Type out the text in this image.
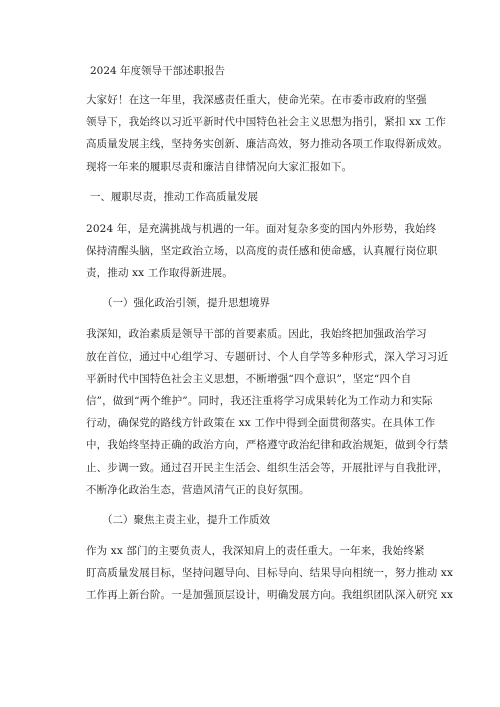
2024 年度领导干部述职报告
大家好！在这一年里，我深感责任重大，使命光荣。在市委市政府的坚强
领导下，我始终以习近平新时代中国特色社会主义思想为指引，紧扣 xx 工作
高质量发展主线，坚持务实创新、廉洁高效，努力推动各项工作取得新成效。
现将一年来的履职尽责和廉洁自律情况向大家汇报如下。
一、履职尽责，推动工作高质量发展
2024 年，是充满挑战与机遇的一年。面对复杂多变的国内外形势，我始终
保持清醒头脑，坚定政治立场，以高度的责任感和使命感，认真履行岗位职
责，推动 xx 工作取得新进展。
（一）强化政治引领，提升思想境界
我深知，政治素质是领导干部的首要素质。因此，我始终把加强政治学习
放在首位，通过中心组学习、专题研讨、个人自学等多种形式，深入学习习近
平新时代中国特色社会主义思想，不断增强“四个意识”，坚定“四个自
信”，做到“两个维护”。同时，我还注重将学习成果转化为工作动力和实际
行动，确保党的路线方针政策在 xx 工作中得到全面贯彻落实。在具体工作
中，我始终坚持正确的政治方向，严格遵守政治纪律和政治规矩，做到令行禁
止、步调一致。通过召开民主生活会、组织生活会等，开展批评与自我批评，
不断净化政治生态，营造风清气正的良好氛围。
（二）聚焦主责主业，提升工作质效
作为 xx 部门的主要负责人，我深知肩上的责任重大。一年来，我始终紧
盯高质量发展目标，坚持问题导向、目标导向、结果导向相统一，努力推动 xx
工作再上新台阶。一是加强顶层设计，明确发展方向。我组织团队深入研究 xx
